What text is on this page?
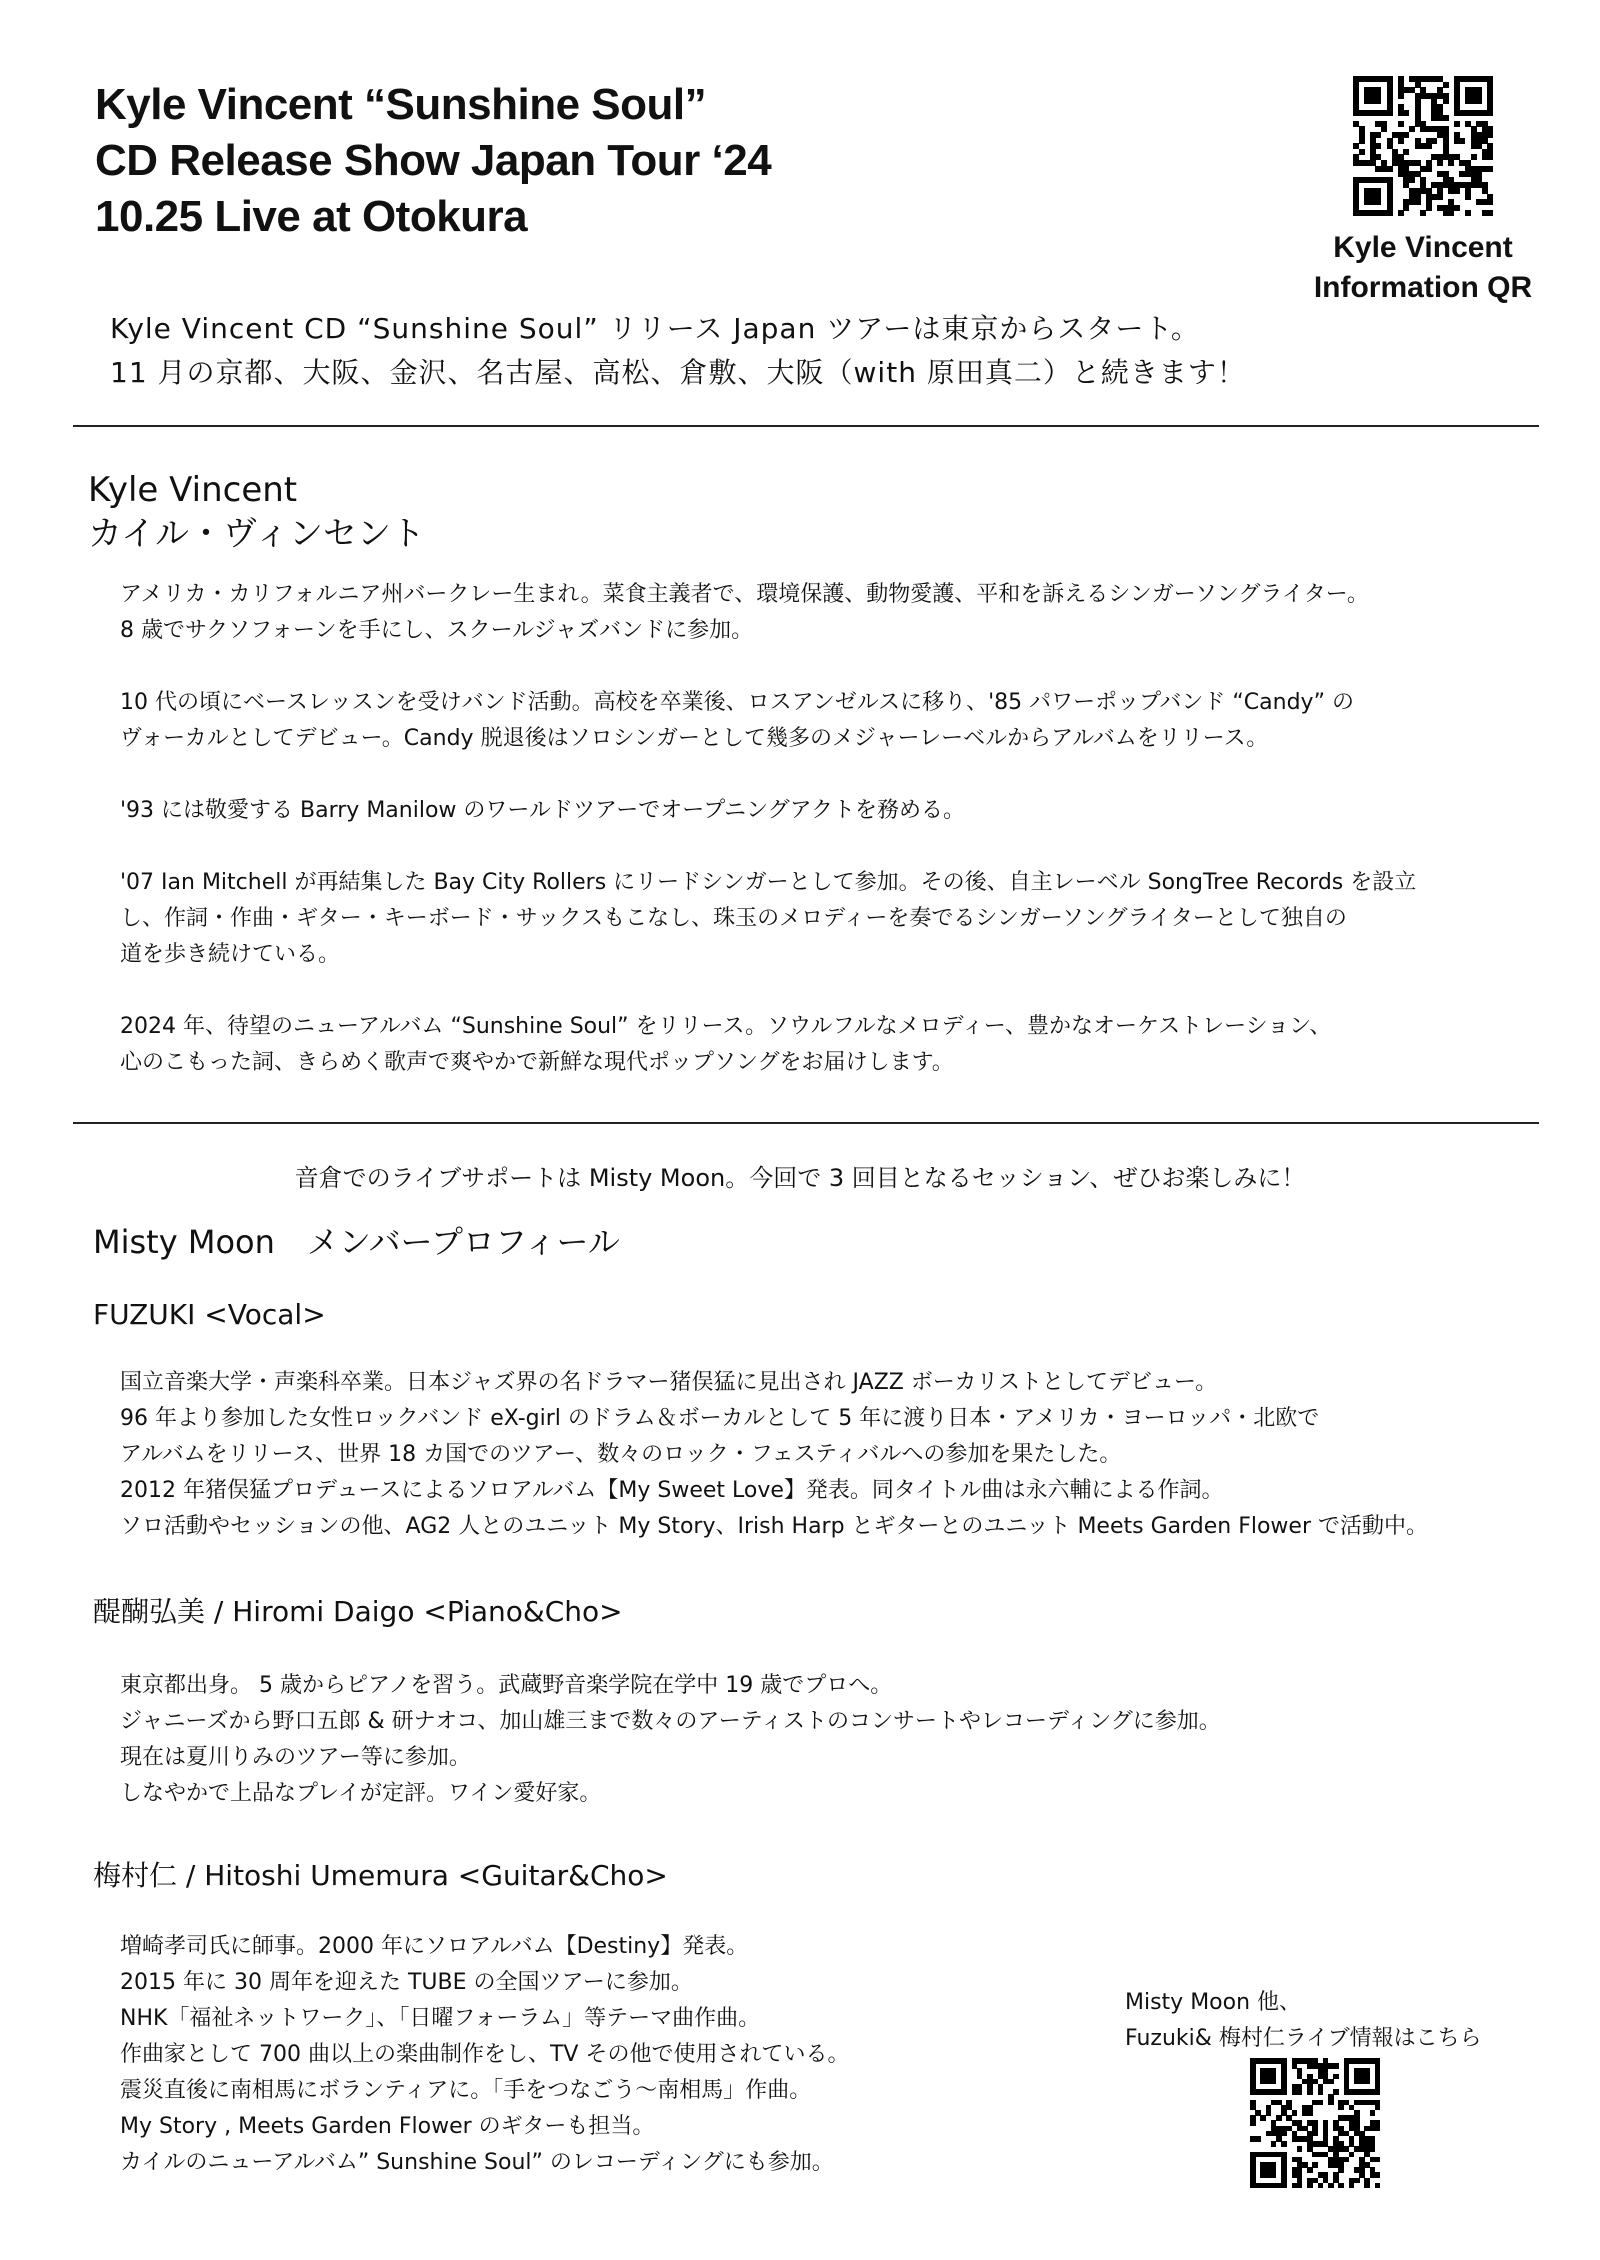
Kyle Vincent “Sunshine Soul”
CD Release Show Japan Tour ‘24
10.25 Live at Otokura
Kyle Vincent
Information QR
Kyle Vincent CD “Sunshine Soul” リリース Japan ツアーは東京からスタート。
11 月の京都、大阪、金沢、名古屋、高松、倉敷、大阪（with 原田真二）と続きます！
Kyle Vincent
カイル・ヴィンセント
アメリカ・カリフォルニア州バークレー生まれ。菜食主義者で、環境保護、動物愛護、平和を訴えるシンガーソングライター。
8 歳でサクソフォーンを手にし、スクールジャズバンドに参加。
10 代の頃にベースレッスンを受けバンド活動。高校を卒業後、ロスアンゼルスに移り、'85 パワーポップバンド “Candy” の
ヴォーカルとしてデビュー。Candy 脱退後はソロシンガーとして幾多のメジャーレーベルからアルバムをリリース。
'93 には敬愛する Barry Manilow のワールドツアーでオープニングアクトを務める。
'07 Ian Mitchell が再結集した Bay City Rollers にリードシンガーとして参加。その後、自主レーベル SongTree Records を設立
し、作詞・作曲・ギター・キーボード・サックスもこなし、珠玉のメロディーを奏でるシンガーソングライターとして独自の
道を歩き続けている。
2024 年、待望のニューアルバム “Sunshine Soul” をリリース。ソウルフルなメロディー、豊かなオーケストレーション、
心のこもった詞、きらめく歌声で爽やかで新鮮な現代ポップソングをお届けします。
音倉でのライブサポートは Misty Moon。今回で 3 回目となるセッション、ぜひお楽しみに！
Misty Moon　メンバープロフィール
FUZUKI <Vocal>
国立音楽大学・声楽科卒業。日本ジャズ界の名ドラマー猪俣猛に見出され JAZZ ボーカリストとしてデビュー。
96 年より参加した女性ロックバンド eX-girl のドラム＆ボーカルとして 5 年に渡り日本・アメリカ・ヨーロッパ・北欧で
アルバムをリリース、世界 18 カ国でのツアー、数々のロック・フェスティバルへの参加を果たした。
2012 年猪俣猛プロデュースによるソロアルバム【My Sweet Love】発表。同タイトル曲は永六輔による作詞。
ソロ活動やセッションの他、AG2 人とのユニット My Story、Irish Harp とギターとのユニット Meets Garden Flower で活動中。
醍醐弘美 / Hiromi Daigo <Piano&Cho>
東京都出身。 5 歳からピアノを習う。武蔵野音楽学院在学中 19 歳でプロへ。
ジャニーズから野口五郎 & 研ナオコ、加山雄三まで数々のアーティストのコンサートやレコーディングに参加。
現在は夏川りみのツアー等に参加。
しなやかで上品なプレイが定評。ワイン愛好家。
梅村仁 / Hitoshi Umemura <Guitar&Cho>
増崎孝司氏に師事。2000 年にソロアルバム【Destiny】発表。
2015 年に 30 周年を迎えた TUBE の全国ツアーに参加。
NHK「福祉ネットワーク」、「日曜フォーラム」等テーマ曲作曲。
作曲家として 700 曲以上の楽曲制作をし、TV その他で使用されている。
震災直後に南相馬にボランティアに。「手をつなごう～南相馬」作曲。
My Story , Meets Garden Flower のギターも担当。
カイルのニューアルバム” Sunshine Soul” のレコーディングにも参加。
Misty Moon 他、
Fuzuki& 梅村仁ライブ情報はこちら
